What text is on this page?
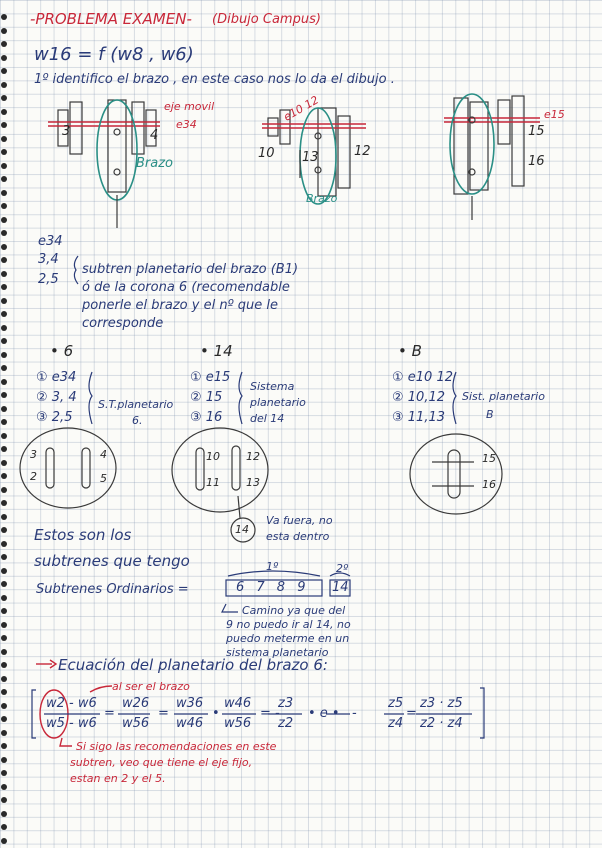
-PROBLEMA EXAMEN- (Dibujo Campus)
w16 = f (w8 , w6)
1º identifico el brazo , en este caso nos lo da el dibujo .
3	4
eje movil
e34
Brazo
e10 12
10 13	12
Brazo
e15
15
16
e34
3,4
2,5
subtren planetario del brazo (B1)
ó de la corona 6 (recomendable
ponerle el brazo y el nº que le
corresponde
• 6
① e34
② 3, 4
③ 2,5
S.T.planetario
6.
3
2
4
5
• 14
① e15
② 15
③ 16
Sistema
planetario
del 14
10
11
12
13
• B
① e10 12
② 10,12
③ 11,13
Sist. planetario
B
15
16
14
Va fuera, no
esta dentro
Estos son los
subtrenes que tengo
Subtrenes Ordinarios =
1º	2º
6 7 8 9 14
Camino ya que del
9 no puedo ir al 14, no
puedo meterme en un
sistema planetario
Ecuación del planetario del brazo 6:
al ser el brazo
w2 - w6
w5 - w6
=
w26
w56
=
w36
w46
•
w46
w56
= -
z3
z2
• e • -
z5
z4
=
z3 · z5
z2 · z4
Si sigo las recomendaciones en este
subtren, veo que tiene el eje fijo,
estan en 2 y el 5.
